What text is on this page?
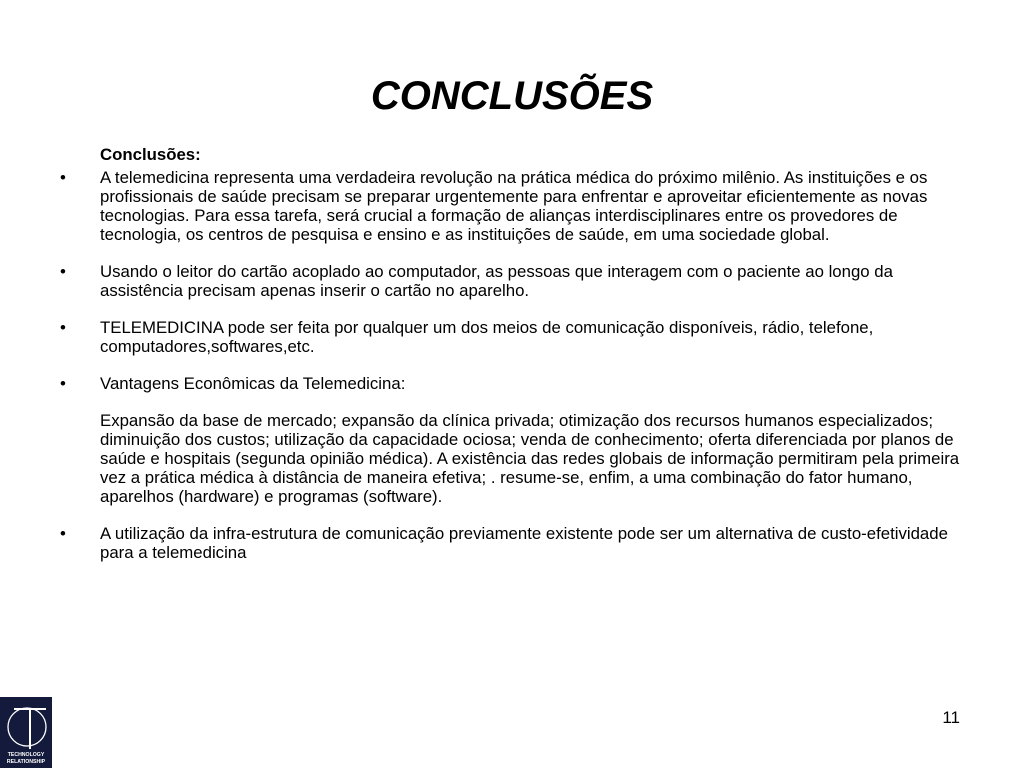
CONCLUSÕES

Conclusões:

•	A telemedicina representa uma verdadeira revolução na prática médica do próximo milênio. As instituições e os profissionais de saúde precisam se preparar urgentemente para enfrentar e aproveitar eficientemente as novas tecnologias. Para essa tarefa, será crucial a formação de alianças interdisciplinares entre os provedores de tecnologia, os centros de pesquisa e ensino e as instituições de saúde, em uma sociedade global.

•	Usando o leitor do cartão acoplado ao computador, as pessoas que interagem com o paciente ao longo da assistência precisam apenas inserir o cartão no aparelho.

•	TELEMEDICINA pode ser feita por qualquer um dos meios de comunicação disponíveis, rádio, telefone, computadores,softwares,etc.

•	Vantagens Econômicas da Telemedicina:

Expansão da base de mercado; expansão da clínica privada; otimização dos recursos humanos especializados; diminuição dos custos; utilização da capacidade ociosa; venda de conhecimento; oferta diferenciada por planos de saúde e hospitais (segunda opinião médica). A existência das redes globais de informação permitiram pela primeira vez a prática médica à distância de maneira efetiva; . resume-se, enfim, a uma combinação do fator humano, aparelhos (hardware) e programas (software).

•	A utilização da infra-estrutura de comunicação previamente existente pode ser um alternativa de custo-efetividade para a telemedicina

11
TECHNOLOGY
RELATIONSHIP
